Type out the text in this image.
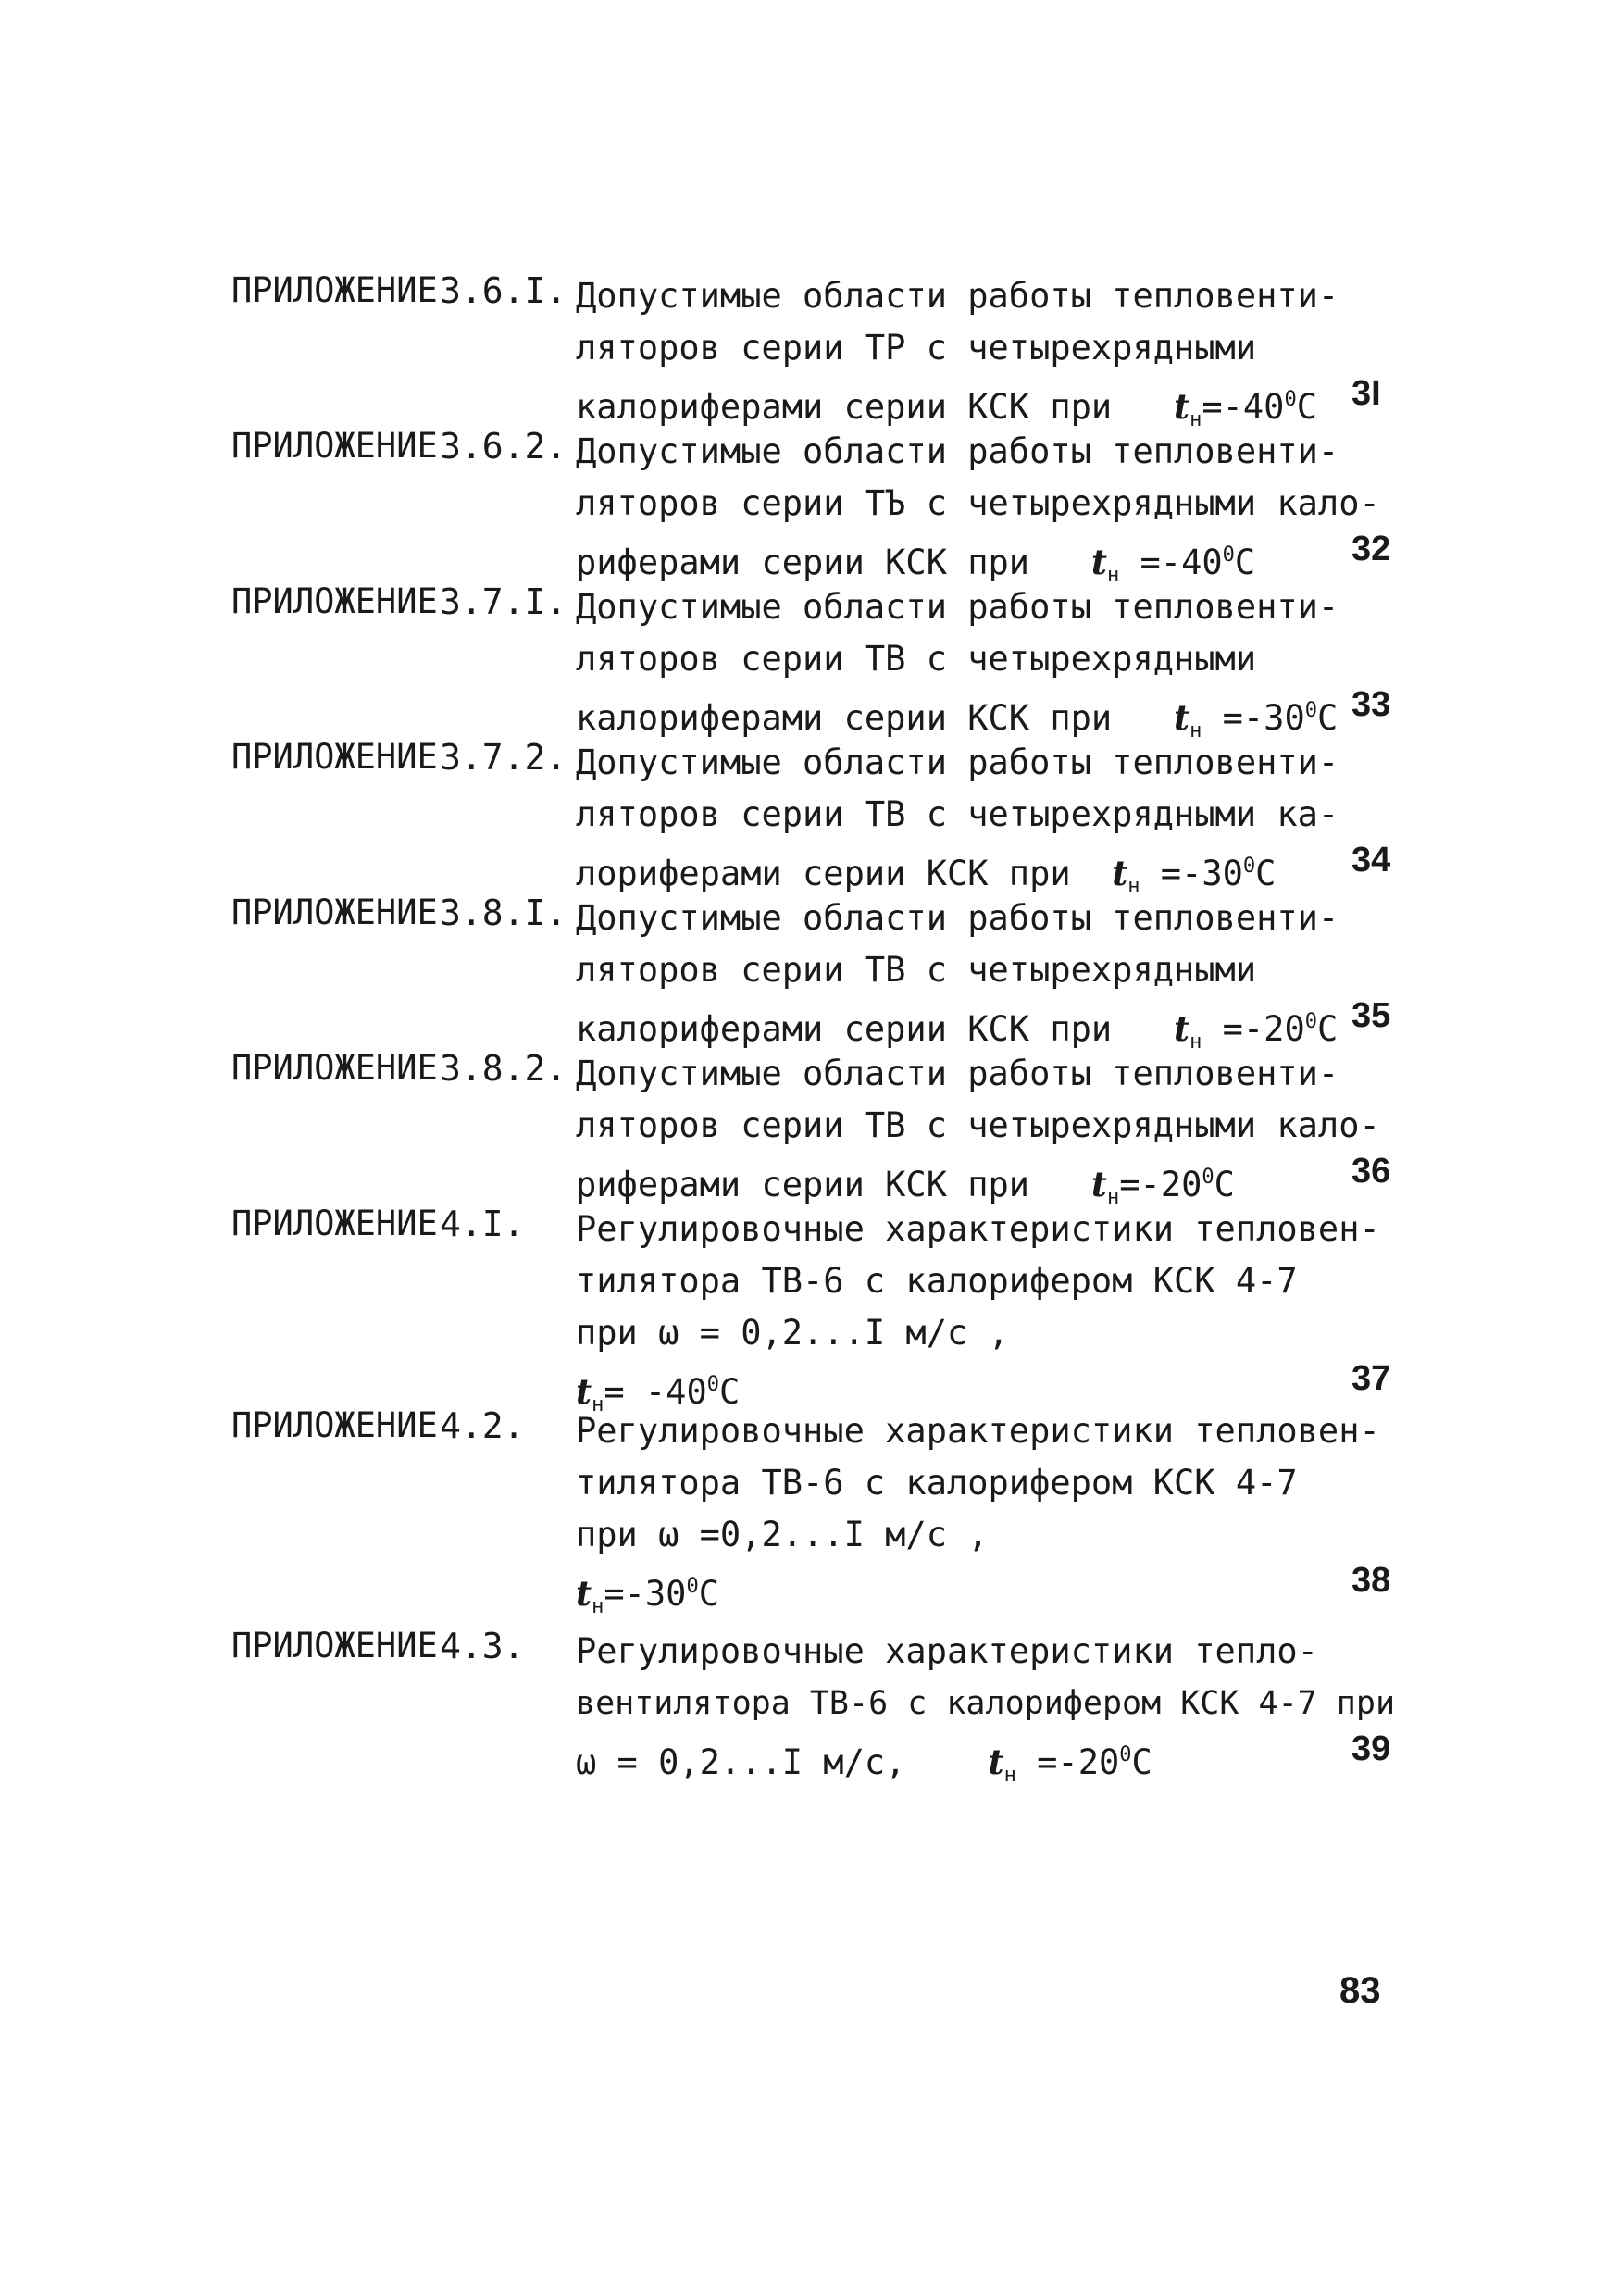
ПРИЛОЖЕНИЕ 3.6.I. Допустимые области работы тепловенти-
ляторов серии ТР с четырехрядными
калориферами серии КСК при $t_н=-40^0С$ 3I
ПРИЛОЖЕНИЕ 3.6.2. Допустимые области работы тепловенти-
ляторов серии ТЪ с четырехрядными кало-
риферами серии КСК при $t_н =-40^0С$	32
ПРИЛОЖЕНИЕ 3.7.I. Допустимые области работы тепловенти-
ляторов серии ТВ с четырехрядными
калориферами серии КСК при $t_н =-30^0С$ 33
ПРИЛОЖЕНИЕ 3.7.2. Допустимые области работы тепловенти-
ляторов серии ТВ с четырехрядными ка-
лориферами серии КСК при $t_н =-30^0С$	34
ПРИЛОЖЕНИЕ 3.8.I. Допустимые области работы тепловенти-
ляторов серии ТВ с четырехрядными
калориферами серии КСК при $t_н =-20^0С$ 35
ПРИЛОЖЕНИЕ 3.8.2. Допустимые области работы тепловенти-
ляторов серии ТВ с четырехрядными кало-
риферами серии КСК при $t_н=-20^0С$	36
ПРИЛОЖЕНИЕ 4.I. Регулировочные характеристики тепловен-
тилятора ТВ-6 с калорифером КСК 4-7
при ω = 0,2...I м/с ,
$t_н= -40^0С$	37
ПРИЛОЖЕНИЕ 4.2. Регулировочные характеристики тепловен-
тилятора ТВ-6 с калорифером КСК 4-7
при ω =0,2...I м/с ,
$t_н=-30^0С$	38
ПРИЛОЖЕНИЕ 4.3. Регулировочные характеристики тепло-
вентилятора ТВ-6 с калорифером КСК 4-7 при
ω = 0,2...I м/с, $t_н =-20^0С$	39
83
